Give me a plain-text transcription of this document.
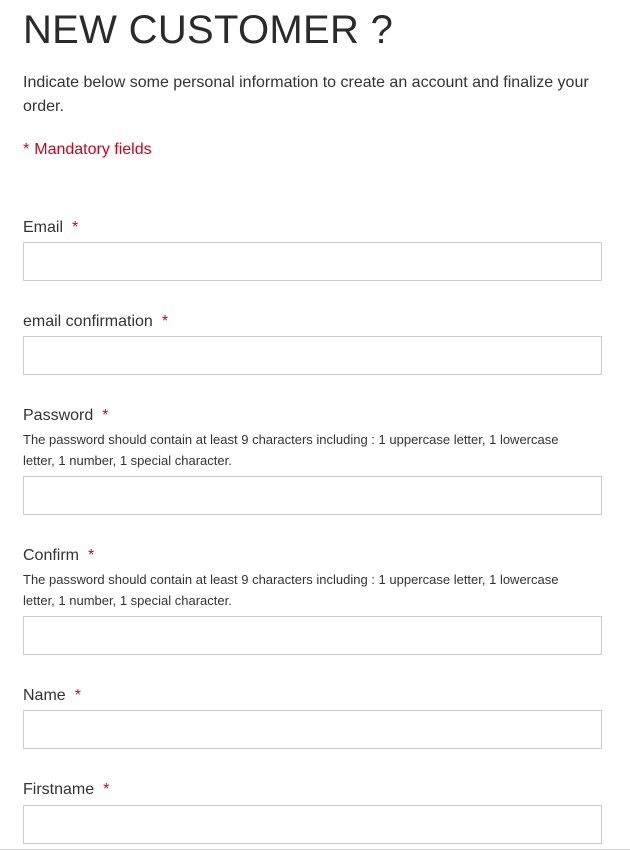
NEW CUSTOMER ?

Indicate below some personal information to create an account and finalize your order.

* Mandatory fields

Email *
email confirmation *
Password *

The password should contain at least 9 characters including : 1 uppercase letter, 1 lowercase letter, 1 number, 1 special character.

Confirm *

The password should contain at least 9 characters including : 1 uppercase letter, 1 lowercase letter, 1 number, 1 special character.

Name *
Firstname *
